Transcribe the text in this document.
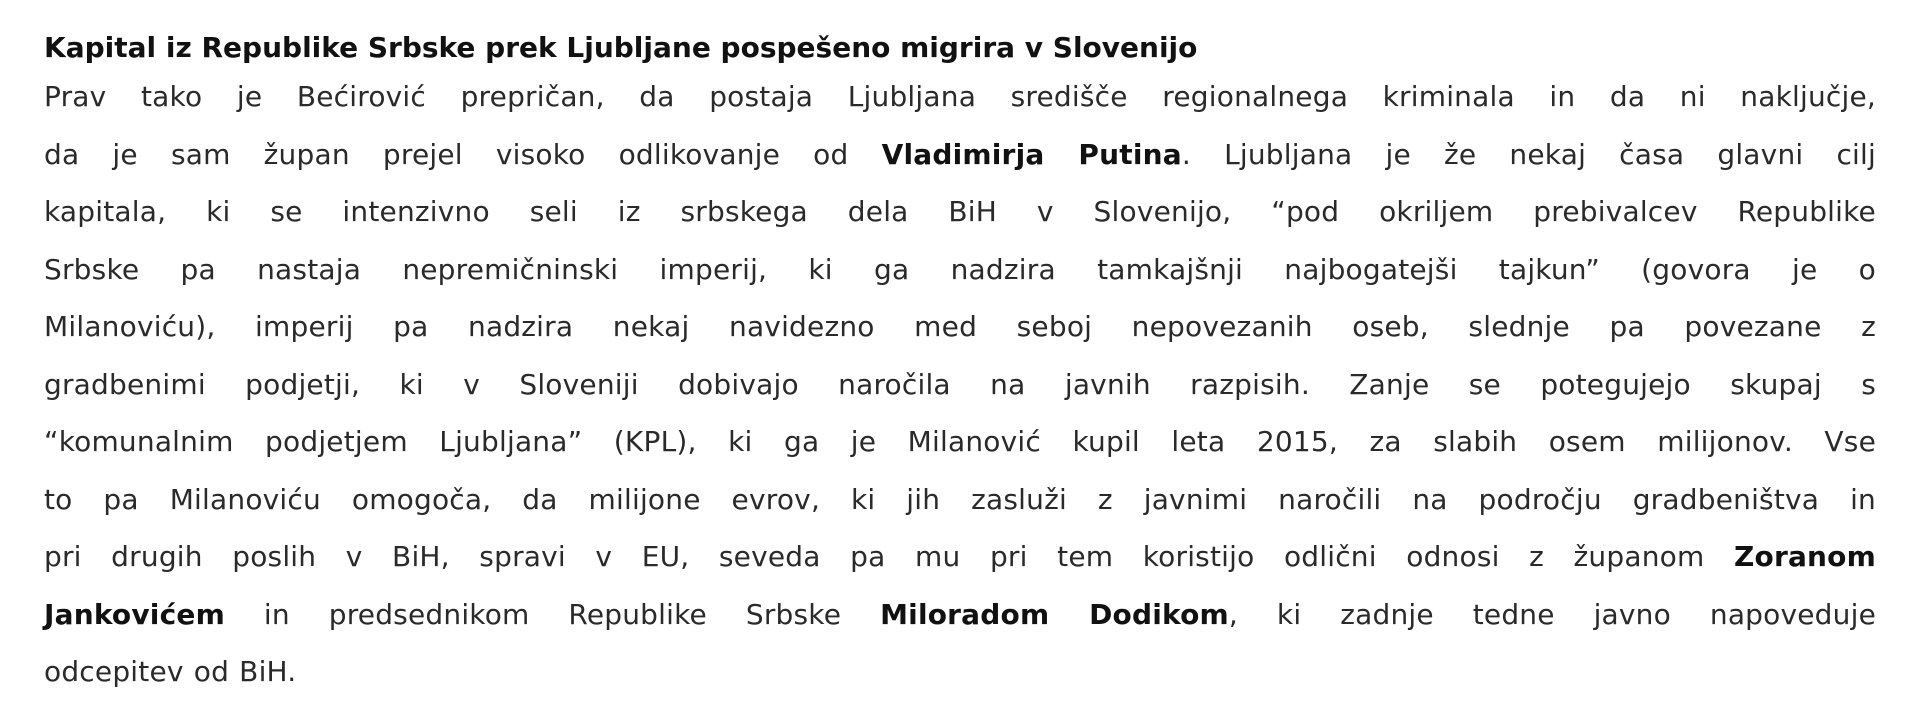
Kapital iz Republike Srbske prek Ljubljane pospešeno migrira v Slovenijo

Prav tako je Bećirović prepričan, da postaja Ljubljana središče regionalnega kriminala in da ni naključje,
da je sam župan prejel visoko odlikovanje od Vladimirja Putina. Ljubljana je že nekaj časa glavni cilj
kapitala, ki se intenzivno seli iz srbskega dela BiH v Slovenijo, “pod okriljem prebivalcev Republike
Srbske pa nastaja nepremičninski imperij, ki ga nadzira tamkajšnji najbogatejši tajkun” (govora je o
Milanoviću), imperij pa nadzira nekaj navidezno med seboj nepovezanih oseb, slednje pa povezane z
gradbenimi podjetji, ki v Sloveniji dobivajo naročila na javnih razpisih. Zanje se potegujejo skupaj s
“komunalnim podjetjem Ljubljana” (KPL), ki ga je Milanović kupil leta 2015, za slabih osem milijonov. Vse
to pa Milanoviću omogoča, da milijone evrov, ki jih zasluži z javnimi naročili na področju gradbeništva in
pri drugih poslih v BiH, spravi v EU, seveda pa mu pri tem koristijo odlični odnosi z županom Zoranom
Jankovićem in predsednikom Republike Srbske Miloradom Dodikom, ki zadnje tedne javno napoveduje
odcepitev od BiH.
